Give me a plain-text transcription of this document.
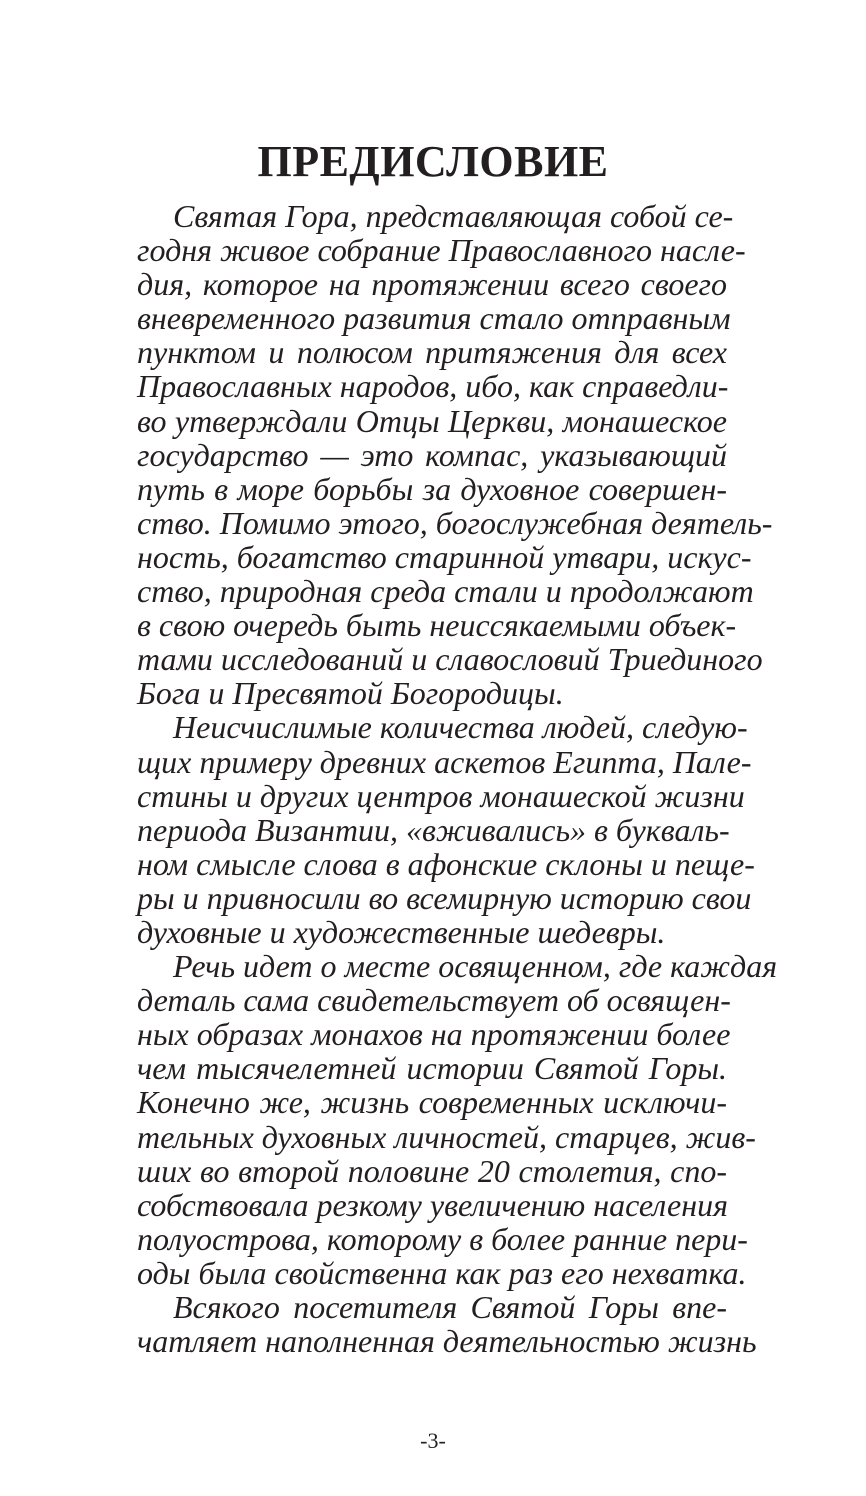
ПРЕДИСЛОВИЕ
Святая Гора, представляющая собой се-
годня живое собрание Православного насле-
дия, которое на протяжении всего своего
вневременного развития стало отправным
пунктом и полюсом притяжения для всех
Православных народов, ибо, как справедли-
во утверждали Отцы Церкви, монашеское
государство — это компас, указывающий
путь в море борьбы за духовное совершен-
ство. Помимо этого, богослужебная деятель-
ность, богатство старинной утвари, искус-
ство, природная среда стали и продолжают
в свою очередь быть неиссякаемыми объек-
тами исследований и славословий Триединого
Бога и Пресвятой Богородицы.
Неисчислимые количества людей, следую-
щих примеру древних аскетов Египта, Пале-
стины и других центров монашеской жизни
периода Византии, «вживались» в букваль-
ном смысле слова в афонские склоны и пеще-
ры и привносили во всемирную историю свои
духовные и художественные шедевры.
Речь идет о месте освященном, где каждая
деталь сама свидетельствует об освящен-
ных образах монахов на протяжении более
чем тысячелетней истории Святой Горы.
Конечно же, жизнь современных исключи-
тельных духовных личностей, старцев, жив-
ших во второй половине 20 столетия, спо-
собствовала резкому увеличению населения
полуострова, которому в более ранние пери-
оды была свойственна как раз его нехватка.
Всякого посетителя Святой Горы впе-
чатляет наполненная деятельностью жизнь
-3-
